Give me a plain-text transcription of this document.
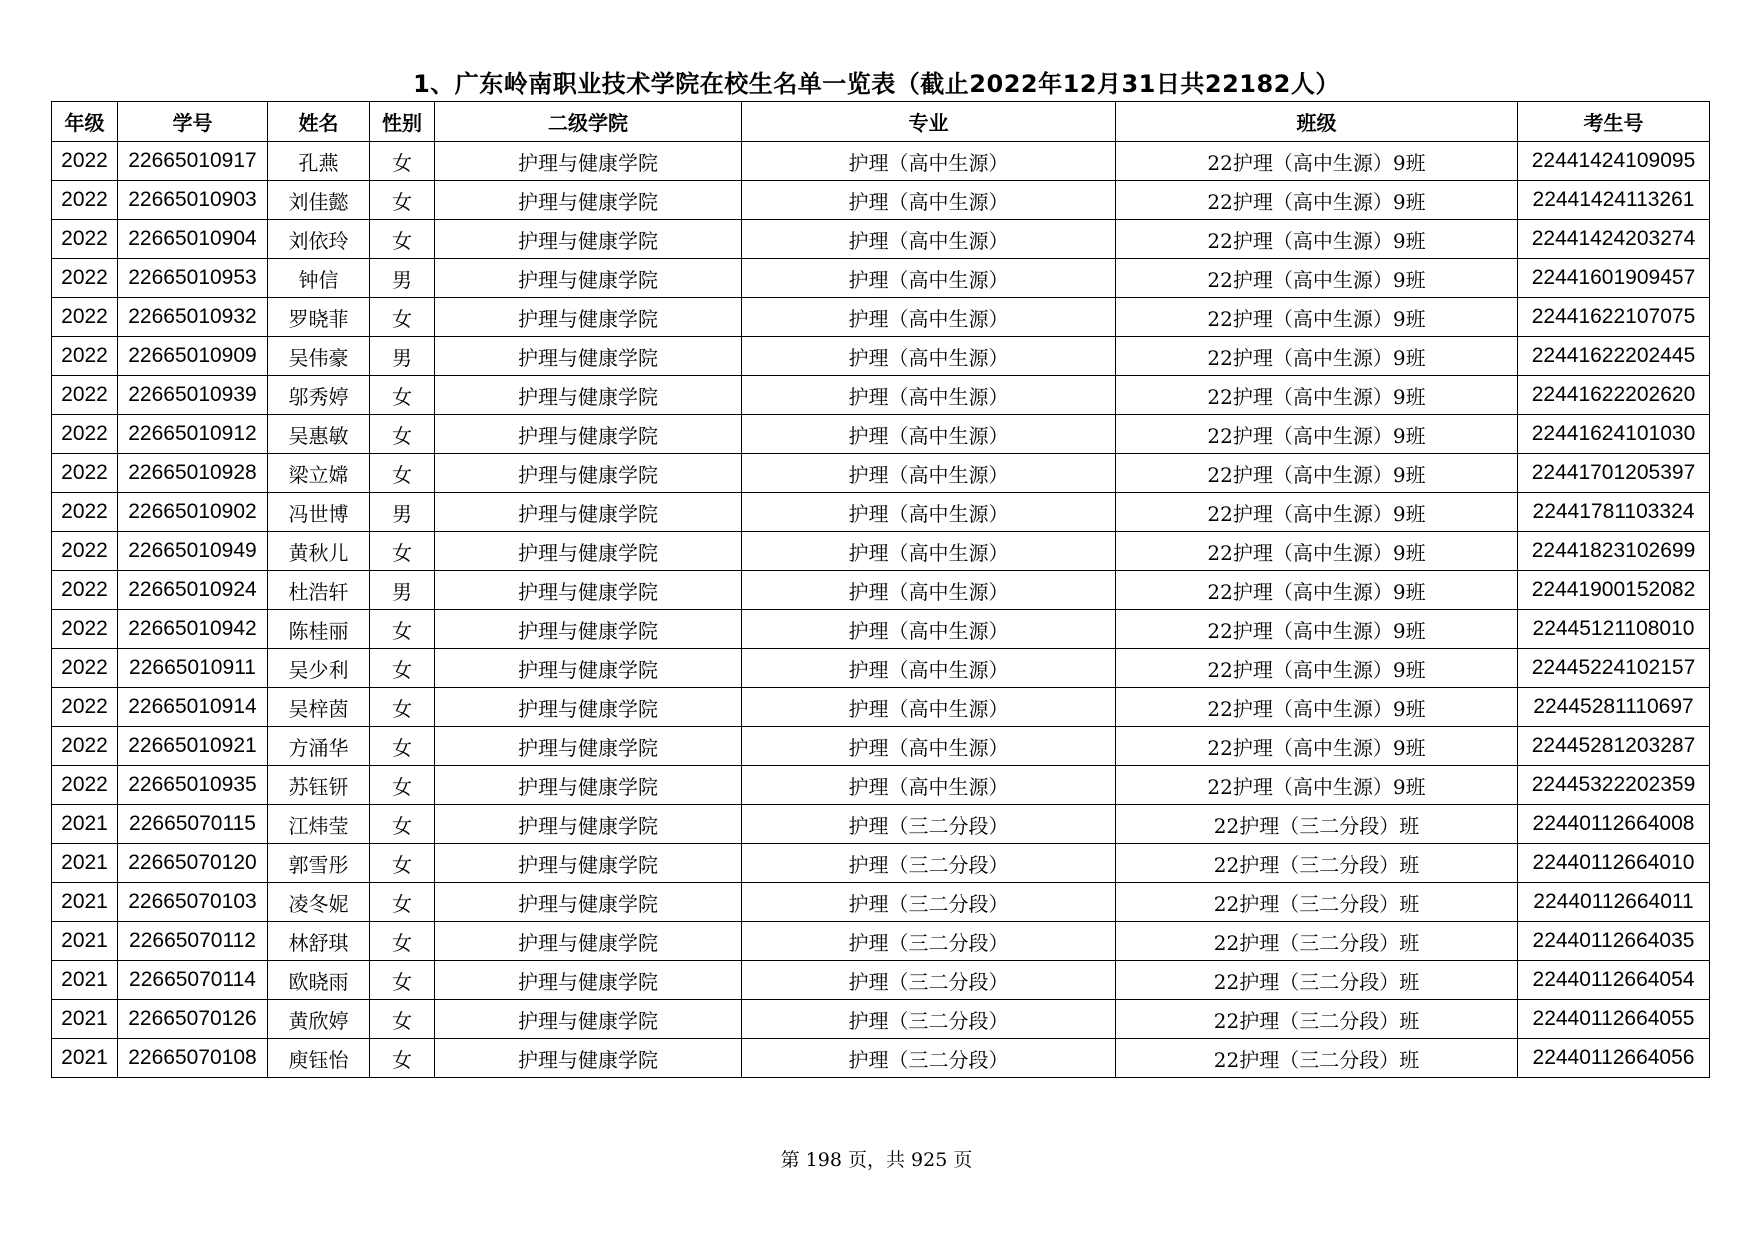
1、广东岭南职业技术学院在校生名单一览表（截止2022年12月31日共22182人）
年级	学号	姓名	性别	二级学院	专业	班级	考生号
2022	22665010917	孔燕	女	护理与健康学院	护理（高中生源）	22护理（高中生源）9班	22441424109095
2022	22665010903	刘佳懿	女	护理与健康学院	护理（高中生源）	22护理（高中生源）9班	22441424113261
2022	22665010904	刘依玲	女	护理与健康学院	护理（高中生源）	22护理（高中生源）9班	22441424203274
2022	22665010953	钟信	男	护理与健康学院	护理（高中生源）	22护理（高中生源）9班	22441601909457
2022	22665010932	罗晓菲	女	护理与健康学院	护理（高中生源）	22护理（高中生源）9班	22441622107075
2022	22665010909	吴伟豪	男	护理与健康学院	护理（高中生源）	22护理（高中生源）9班	22441622202445
2022	22665010939	邬秀婷	女	护理与健康学院	护理（高中生源）	22护理（高中生源）9班	22441622202620
2022	22665010912	吴惠敏	女	护理与健康学院	护理（高中生源）	22护理（高中生源）9班	22441624101030
2022	22665010928	梁立嫦	女	护理与健康学院	护理（高中生源）	22护理（高中生源）9班	22441701205397
2022	22665010902	冯世博	男	护理与健康学院	护理（高中生源）	22护理（高中生源）9班	22441781103324
2022	22665010949	黄秋儿	女	护理与健康学院	护理（高中生源）	22护理（高中生源）9班	22441823102699
2022	22665010924	杜浩轩	男	护理与健康学院	护理（高中生源）	22护理（高中生源）9班	22441900152082
2022	22665010942	陈桂丽	女	护理与健康学院	护理（高中生源）	22护理（高中生源）9班	22445121108010
2022	22665010911	吴少利	女	护理与健康学院	护理（高中生源）	22护理（高中生源）9班	22445224102157
2022	22665010914	吴梓茵	女	护理与健康学院	护理（高中生源）	22护理（高中生源）9班	22445281110697
2022	22665010921	方涌华	女	护理与健康学院	护理（高中生源）	22护理（高中生源）9班	22445281203287
2022	22665010935	苏钰钘	女	护理与健康学院	护理（高中生源）	22护理（高中生源）9班	22445322202359
2021	22665070115	江炜莹	女	护理与健康学院	护理（三二分段）	22护理（三二分段）班	22440112664008
2021	22665070120	郭雪彤	女	护理与健康学院	护理（三二分段）	22护理（三二分段）班	22440112664010
2021	22665070103	凌冬妮	女	护理与健康学院	护理（三二分段）	22护理（三二分段）班	22440112664011
2021	22665070112	林舒琪	女	护理与健康学院	护理（三二分段）	22护理（三二分段）班	22440112664035
2021	22665070114	欧晓雨	女	护理与健康学院	护理（三二分段）	22护理（三二分段）班	22440112664054
2021	22665070126	黄欣婷	女	护理与健康学院	护理（三二分段）	22护理（三二分段）班	22440112664055
2021	22665070108	庾钰怡	女	护理与健康学院	护理（三二分段）	22护理（三二分段）班	22440112664056
第 198 页，共 925 页
